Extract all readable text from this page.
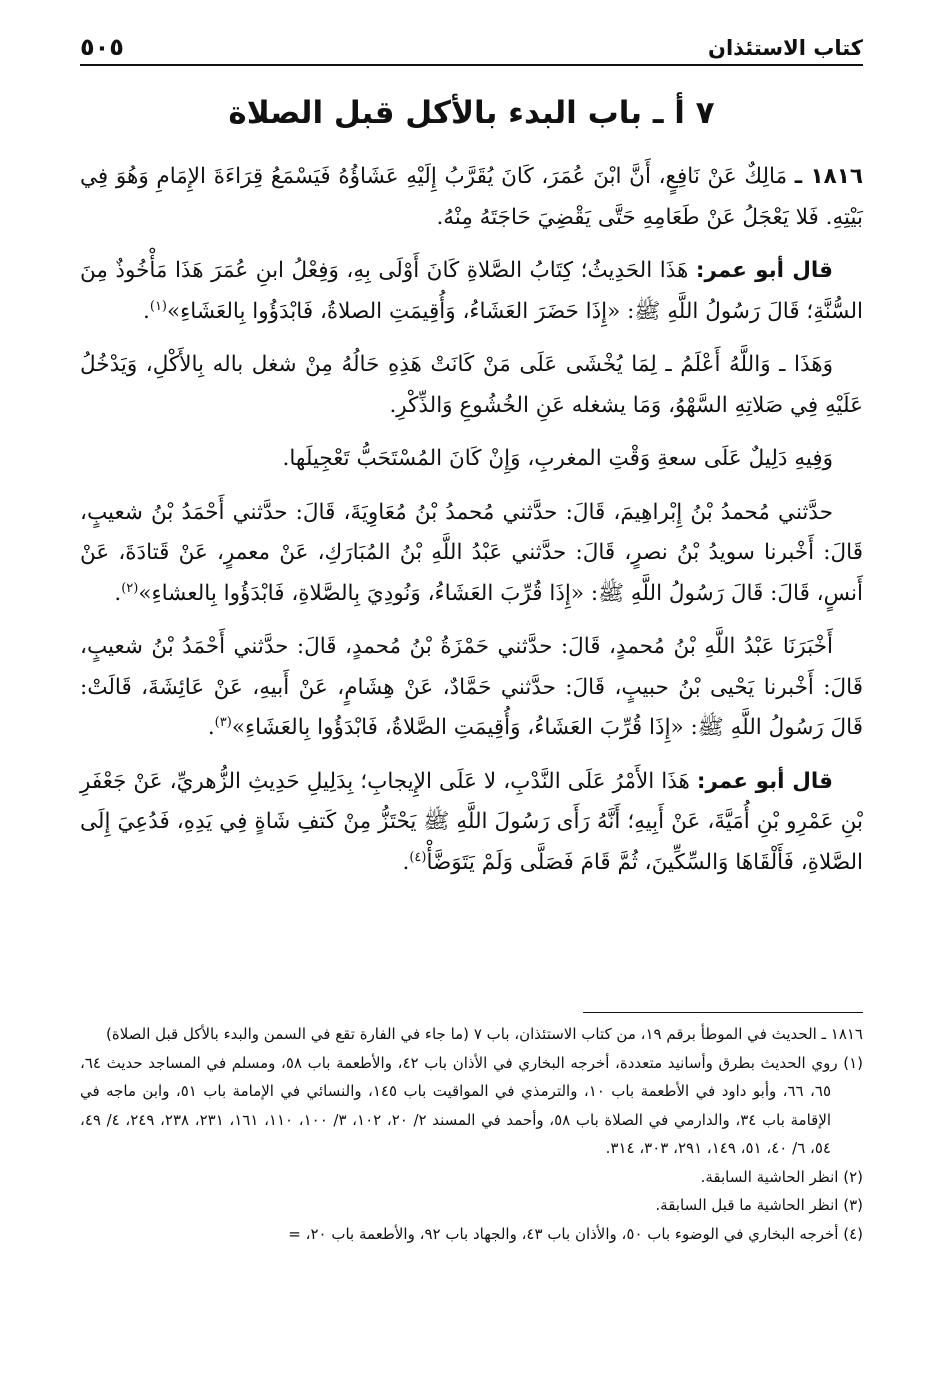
كتاب الاستئذان
٥٠٥
٧ أ ـ باب البدء بالأكل قبل الصلاة

١٨١٦ ـ مَالِكٌ عَنْ نَافِعٍ، أَنَّ ابْنَ عُمَرَ، كَانَ يُقَرَّبُ إِلَيْهِ عَشَاؤُهُ فَيَسْمَعُ قِرَاءَةَ الإِمَامِ وَهُوَ فِي بَيْتِهِ. فَلا يَعْجَلُ عَنْ طَعَامِهِ حَتَّى يَقْضِيَ حَاجَتَهُ مِنْهُ.

قال أبو عمر: هَذَا الحَدِيثُ؛ كِتَابُ الصَّلاةِ كَانَ أَوْلَى بِهِ، وَفِعْلُ ابنِ عُمَرَ هَذَا مَأْخُوذٌ مِنَ السُّنَّةِ؛ قَالَ رَسُولُ اللَّهِ ﷺ: «إِذَا حَضَرَ العَشَاءُ، وَأُقِيمَتِ الصلاةُ، فَابْدَؤُوا بِالعَشَاءِ»$^{(١)}$.

وَهَذَا ـ وَاللَّهُ أَعْلَمُ ـ لِمَا يُخْشَى عَلَى مَنْ كَانَتْ هَذِهِ حَالُهُ مِنْ شغل باله بِالأَكْلِ، وَيَدْخُلُ عَلَيْهِ فِي صَلاتِهِ السَّهْوُ، وَمَا يشغله عَنِ الخُشُوعِ وَالذِّكْرِ.

وَفِيهِ دَلِيلٌ عَلَى سعةِ وَقْتِ المغربِ، وَإِنْ كَانَ المُسْتَحَبُّ تَعْجِيلَها.

حدَّثني مُحمدُ بْنُ إِبْراهِيمَ، قَالَ: حدَّثني مُحمدُ بْنُ مُعَاوِيَةَ، قَالَ: حدَّثني أَحْمَدُ بْنُ شعيبٍ، قَالَ: أَخْبرنا سويدُ بْنُ نصرٍ، قَالَ: حدَّثني عَبْدُ اللَّهِ بْنُ المُبَارَكِ، عَنْ معمرٍ، عَنْ قَتادَةَ، عَنْ أَنسٍ، قَالَ: قَالَ رَسُولُ اللَّهِ ﷺ: «إِذَا قُرِّبَ العَشَاءُ، وَنُودِيَ بِالصَّلاةِ، فَابْدَؤُوا بِالعشاءِ»$^{(٢)}$.

أَخْبَرَنَا عَبْدُ اللَّهِ بْنُ مُحمدٍ، قَالَ: حدَّثني حَمْزَةُ بْنُ مُحمدٍ، قَالَ: حدَّثني أَحْمَدُ بْنُ شعيبٍ، قَالَ: أَخْبرنا يَحْيى بْنُ حبيبٍ، قَالَ: حدَّثني حَمَّادٌ، عَنْ هِشَامٍ، عَنْ أَبيهِ، عَنْ عَائِشَةَ، قَالَتْ: قَالَ رَسُولُ اللَّهِ ﷺ: «إِذَا قُرِّبَ العَشَاءُ، وَأُقِيمَتِ الصَّلاةُ، فَابْدَؤُوا بِالعَشَاءِ»$^{(٣)}$.

قال أبو عمر: هَذَا الأَمْرُ عَلَى النَّدْبِ، لا عَلَى الإِيجابِ؛ بِدَلِيلِ حَدِيثِ الزُّهريِّ، عَنْ جَعْفَرِ بْنِ عَمْرِو بْنِ أُمَيَّةَ، عَنْ أَبِيهِ؛ أَنَّهُ رَأَى رَسُولَ اللَّهِ ﷺ يَحْتَزُّ مِنْ كَتفِ شَاةٍ فِي يَدِهِ، فَدُعِيَ إِلَى الصَّلاةِ، فَأَلْقَاهَا وَالسِّكِّينَ، ثُمَّ قَامَ فَصَلَّى وَلَمْ يَتَوَضَّأْ$^{(٤)}$.

١٨١٦ ـ الحديث في الموطأ برقم ١٩، من كتاب الاستئذان، باب ٧ (ما جاء في الفارة تقع في السمن والبدء بالأكل قبل الصلاة)

(١) روي الحديث بطرق وأسانيد متعددة، أخرجه البخاري في الأذان باب ٤٢، والأطعمة باب ٥٨، ومسلم في المساجد حديث ٦٤، ٦٥، ٦٦، وأبو داود في الأطعمة باب ١٠، والترمذي في المواقيت باب ١٤٥، والنسائي في الإمامة باب ٥١، وابن ماجه في الإقامة باب ٣٤، والدارمي في الصلاة باب ٥٨، وأحمد في المسند ٢/ ٢٠، ١٠٢، ٣/ ١٠٠، ١١٠، ١٦١، ٢٣١، ٢٣٨، ٢٤٩، ٤/ ٤٩، ٥٤، ٦/ ٤٠، ٥١، ١٤٩، ٢٩١، ٣٠٣، ٣١٤.

(٢) انظر الحاشية السابقة.

(٣) انظر الحاشية ما قبل السابقة.

(٤) أخرجه البخاري في الوضوء باب ٥٠، والأذان باب ٤٣، والجهاد باب ٩٢، والأطعمة باب ٢٠، =
